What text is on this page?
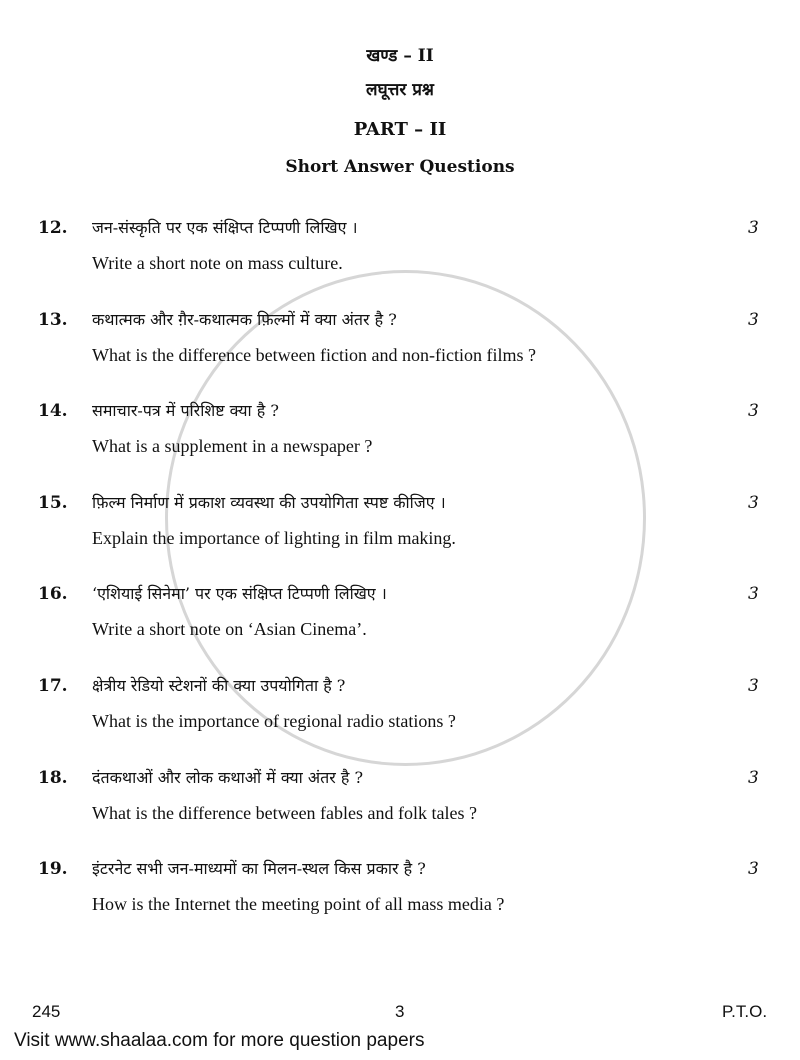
खण्ड – II
लघूत्तर प्रश्न
PART – II
Short Answer Questions
12. जन-संस्कृति पर एक संक्षिप्त टिप्पणी लिखिए ।
Write a short note on mass culture.
3
13. कथात्मक और ग़ैर-कथात्मक फ़िल्मों में क्या अंतर है ?
What is the difference between fiction and non-fiction films ?
3
14. समाचार-पत्र में परिशिष्ट क्या है ?
What is a supplement in a newspaper ?
3
15. फ़िल्म निर्माण में प्रकाश व्यवस्था की उपयोगिता स्पष्ट कीजिए ।
Explain the importance of lighting in film making.
3
16. ‘एशियाई सिनेमा’ पर एक संक्षिप्त टिप्पणी लिखिए ।
Write a short note on ‘Asian Cinema’.
3
17. क्षेत्रीय रेडियो स्टेशनों की क्या उपयोगिता है ?
What is the importance of regional radio stations ?
3
18. दंतकथाओं और लोक कथाओं में क्या अंतर है ?
What is the difference between fables and folk tales ?
3
19. इंटरनेट सभी जन-माध्यमों का मिलन-स्थल किस प्रकार है ?
How is the Internet the meeting point of all mass media ?
3
245
Visit www.shaalaa.com for more question papers
3	P.T.O.
